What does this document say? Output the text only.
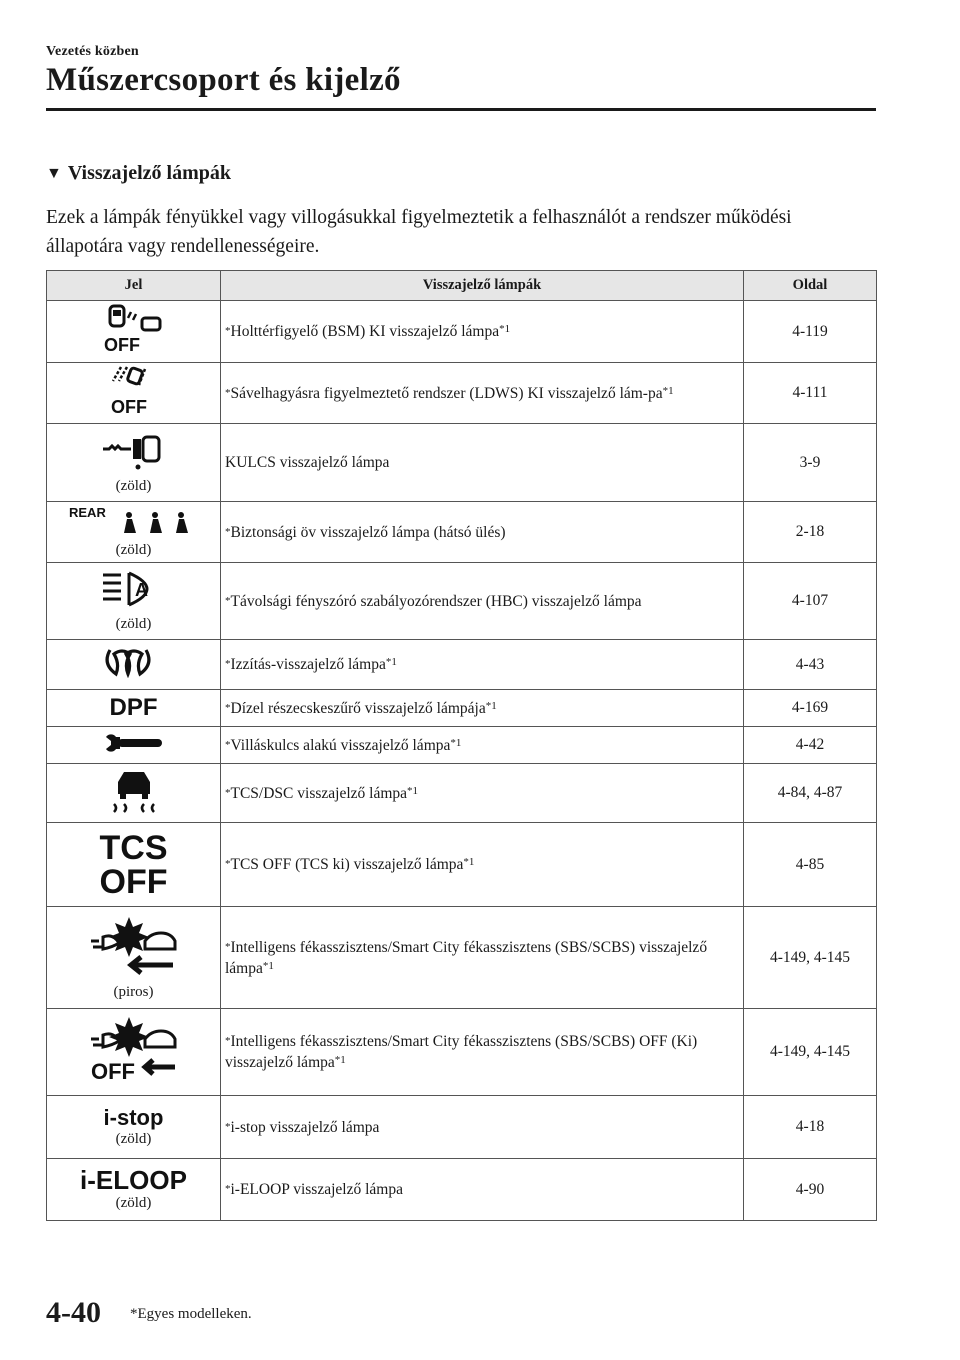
Vezetés közben
Műszercsoport és kijelző
▼ Visszajelző lámpák
Ezek a lámpák fényükkel vagy villogásukkal figyelmeztetik a felhasználót a rendszer működési állapotára vagy rendellenességeire.
Jel	Visszajelző lámpák	Oldal

OFF	*Holttérfigyelő (BSM) KI visszajelző lámpa$^{*1}$	4-119

OFF	*Sávelhagyásra figyelmeztető rendszer (LDWS) KI visszajelző lám-$pa^{*1}$	4-111

(zöld)	KULCS visszajelző lámpa	3-9

REAR
(zöld)	*Biztonsági öv visszajelző lámpa (hátsó ülés)	2-18

A
(zöld)	*Távolsági fényszóró szabályozórendszer (HBC) visszajelző lámpa	4-107
	*Izzítás-visszajelző lámpa$^{*1}$	4-43
DPF	*Dízel részecskeszűrő visszajelző lámpája$^{*1}$	4-169
	*Villáskulcs alakú visszajelző lámpa$^{*1}$	4-42
	*TCS/DSC visszajelző lámpa$^{*1}$	4-84, 4-87

TCS
OFF	*TCS OFF (TCS ki) visszajelző lámpa$^{*1}$	4-85

(piros)	*Intelligens fékasszisztens/Smart City fékasszisztens (SBS/SCBS) visszajelző lámpa$^{*1}$	4-149, 4-145

OFF	*Intelligens fékasszisztens/Smart City fékasszisztens (SBS/SCBS) OFF (Ki) visszajelző lámpa$^{*1}$	4-149, 4-145

i-stop
(zöld)	*i-stop visszajelző lámpa	4-18

i-ELOOP
(zöld)	*i-ELOOP visszajelző lámpa	4-90
4-40 *Egyes modelleken.
